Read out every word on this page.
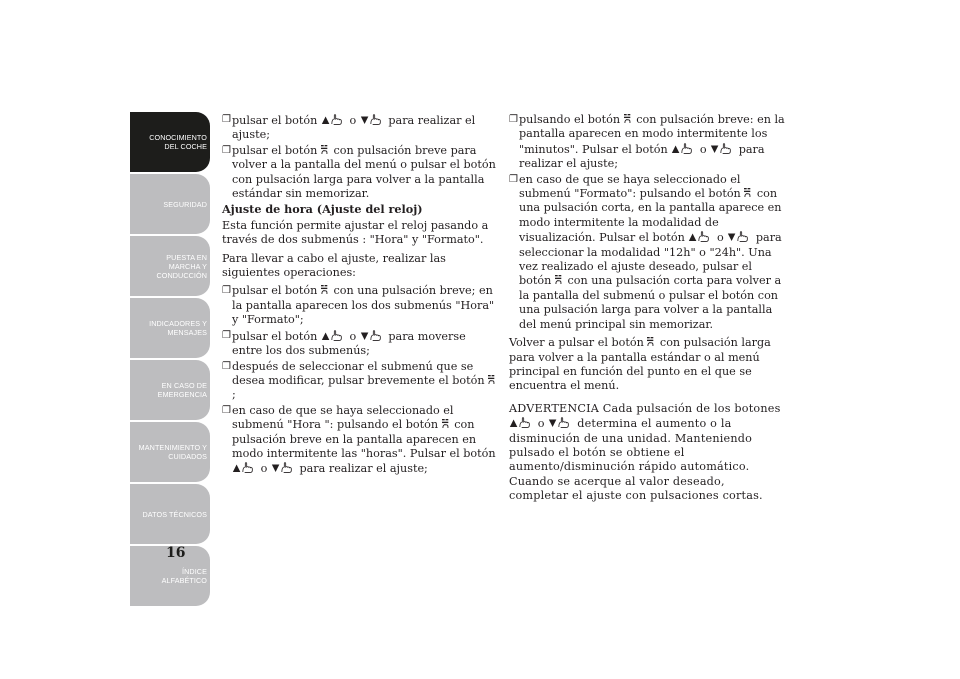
CONOCIMIENTO
DEL COCHE
SEGURIDAD
PUESTA EN
MARCHA Y
CONDUCCIÓN
INDICADORES Y
MENSAJES
EN CASO DE
EMERGENCIA
MANTENIMIENTO Y
CUIDADOS
DATOS TÉCNICOS
ÍNDICE
ALFABÉTICO
16
❐ pulsar el botón	o	para realizar el ajuste;
❐ pulsar el botón con pulsación breve para volver a la pantalla del menú o pulsar el botón con pulsación larga para volver a la pantalla estándar sin memorizar.
Ajuste de hora (Ajuste del reloj)

Esta función permite ajustar el reloj pasando a través de dos submenús : "Hora" y "Formato".

Para llevar a cabo el ajuste, realizar las siguientes operaciones:

❐ pulsar el botón con una pulsación breve; en la pantalla aparecen los dos submenús "Hora" y "Formato";
❐ pulsar el botón	o	para moverse entre los dos submenús;
❐ después de seleccionar el submenú que se desea modificar, pulsar brevemente el botón  ;
❐ en caso de que se haya seleccionado el submenú "Hora ": pulsando el botón con pulsación breve en la pantalla aparecen en modo intermitente las "horas". Pulsar el botón  o	para realizar el ajuste;
❐ pulsando el botón con pulsación breve: en la pantalla aparecen en modo intermitente los "minutos". Pulsar el botón	o	para realizar el ajuste;
❐ en caso de que se haya seleccionado el submenú "Formato": pulsando el botón con una pulsación corta, en la pantalla aparece en modo intermitente la modalidad de visualización. Pulsar el botón	o	para seleccionar la modalidad "12h" o "24h". Una vez realizado el ajuste deseado, pulsar el botón con una pulsación corta para volver a la pantalla del submenú o pulsar el botón con una pulsación larga para volver a la pantalla del menú principal sin memorizar.

Volver a pulsar el botón con pulsación larga para volver a la pantalla estándar o al menú principal en función del punto en el que se encuentra el menú.

ADVERTENCIA Cada pulsación de los botones  o	determina el aumento o la disminución de una unidad. Manteniendo pulsado el botón se obtiene el aumento/disminución rápido automático. Cuando se acerque al valor deseado, completar el ajuste con pulsaciones cortas.
